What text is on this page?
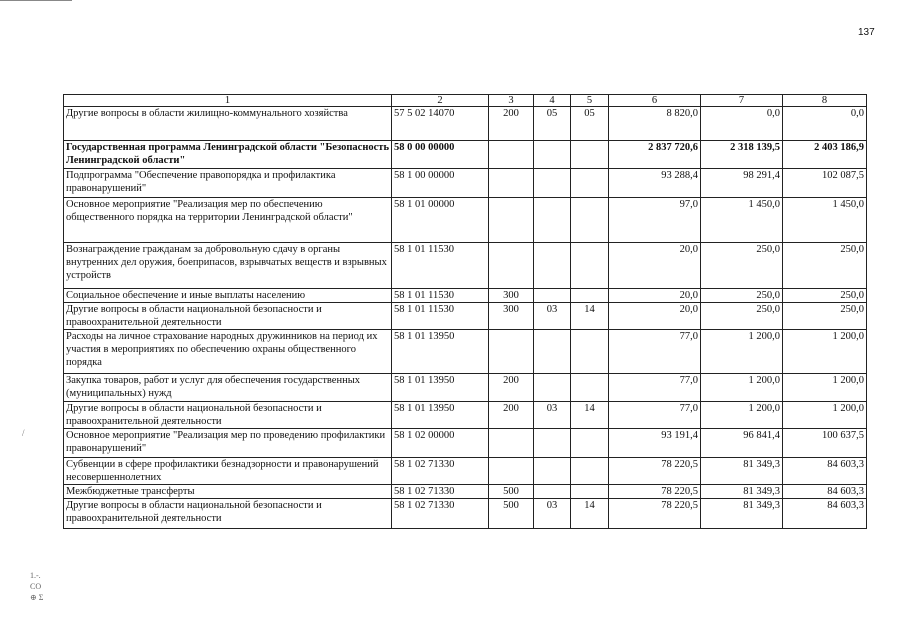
137
/
1.-.
CO
⊕ Σ
1	2	3	4	5	6	7	8
Другие вопросы в области жилищно-коммунального хозяйства	57 5 02 14070	200	05	05	8 820,0	0,0	0,0
Государственная программа Ленинградской области "Безопасность Ленинградской области"	58 0 00 00000				2 837 720,6	2 318 139,5	2 403 186,9
Подпрограмма "Обеспечение правопорядка и профилактика правонарушений"	58 1 00 00000				93 288,4	98 291,4	102 087,5
Основное мероприятие "Реализация мер по обеспечению общественного порядка на территории Ленинградской области"	58 1 01 00000				97,0	1 450,0	1 450,0
Вознаграждение гражданам за добровольную сдачу в органы внутренних дел оружия, боеприпасов, взрывчатых веществ и взрывных устройств	58 1 01 11530				20,0	250,0	250,0
Социальное обеспечение и иные выплаты населению	58 1 01 11530	300			20,0	250,0	250,0
Другие вопросы в области национальной безопасности и правоохранительной деятельности	58 1 01 11530	300	03	14	20,0	250,0	250,0
Расходы на личное страхование народных дружинников на период их участия в мероприятиях по обеспечению охраны общественного порядка	58 1 01 13950				77,0	1 200,0	1 200,0
Закупка товаров, работ и услуг для обеспечения государственных (муниципальных) нужд	58 1 01 13950	200			77,0	1 200,0	1 200,0
Другие вопросы в области национальной безопасности и правоохранительной деятельности	58 1 01 13950	200	03	14	77,0	1 200,0	1 200,0
Основное мероприятие "Реализация мер по проведению профилактики правонарушений"	58 1 02 00000				93 191,4	96 841,4	100 637,5
Субвенции в сфере профилактики безнадзорности и правонарушений несовершеннолетних	58 1 02 71330				78 220,5	81 349,3	84 603,3
Межбюджетные трансферты	58 1 02 71330	500			78 220,5	81 349,3	84 603,3
Другие вопросы в области национальной безопасности и правоохранительной деятельности	58 1 02 71330	500	03	14	78 220,5	81 349,3	84 603,3
